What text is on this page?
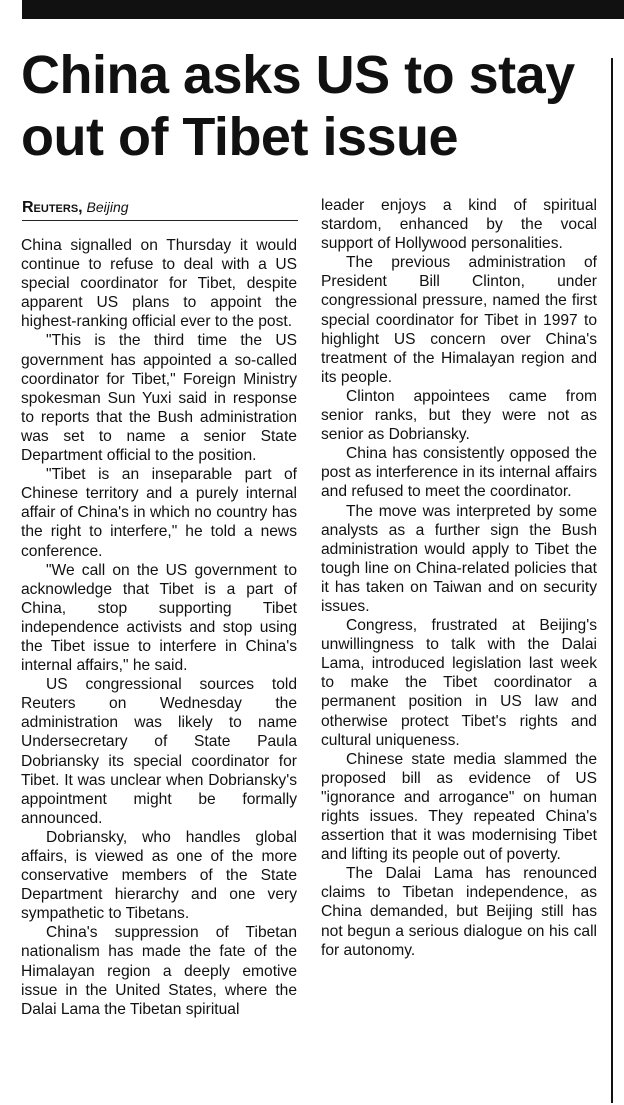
China asks US to stay out of Tibet issue
Reuters, Beijing

China signalled on Thursday it would continue to refuse to deal with a US special coordinator for Tibet, despite apparent US plans to appoint the highest-ranking official ever to the post.

"This is the third time the US government has appointed a so-called coordinator for Tibet," Foreign Ministry spokesman Sun Yuxi said in response to reports that the Bush administration was set to name a senior State Department official to the position.

"Tibet is an inseparable part of Chinese territory and a purely internal affair of China's in which no country has the right to interfere," he told a news conference.

"We call on the US government to acknowledge that Tibet is a part of China, stop supporting Tibet independence activists and stop using the Tibet issue to interfere in China's internal affairs," he said.

US congressional sources told Reuters on Wednesday the administration was likely to name Undersecretary of State Paula Dobriansky its special coordinator for Tibet. It was unclear when Dobriansky's appointment might be formally announced.

Dobriansky, who handles global affairs, is viewed as one of the more conservative members of the State Department hierarchy and one very sympathetic to Tibetans.

China's suppression of Tibetan nationalism has made the fate of the Himalayan region a deeply emotive issue in the United States, where the Dalai Lama the Tibetan spiritual

leader enjoys a kind of spiritual stardom, enhanced by the vocal support of Hollywood personalities.

The previous administration of President Bill Clinton, under congressional pressure, named the first special coordinator for Tibet in 1997 to highlight US concern over China's treatment of the Himalayan region and its people.

Clinton appointees came from senior ranks, but they were not as senior as Dobriansky.

China has consistently opposed the post as interference in its internal affairs and refused to meet the coordinator.

The move was interpreted by some analysts as a further sign the Bush administration would apply to Tibet the tough line on China-related policies that it has taken on Taiwan and on security issues.

Congress, frustrated at Beijing's unwillingness to talk with the Dalai Lama, introduced legislation last week to make the Tibet coordinator a permanent position in US law and otherwise protect Tibet's rights and cultural uniqueness.

Chinese state media slammed the proposed bill as evidence of US "ignorance and arrogance" on human rights issues. They repeated China's assertion that it was modernising Tibet and lifting its people out of poverty.

The Dalai Lama has renounced claims to Tibetan independence, as China demanded, but Beijing still has not begun a serious dialogue on his call for autonomy.
